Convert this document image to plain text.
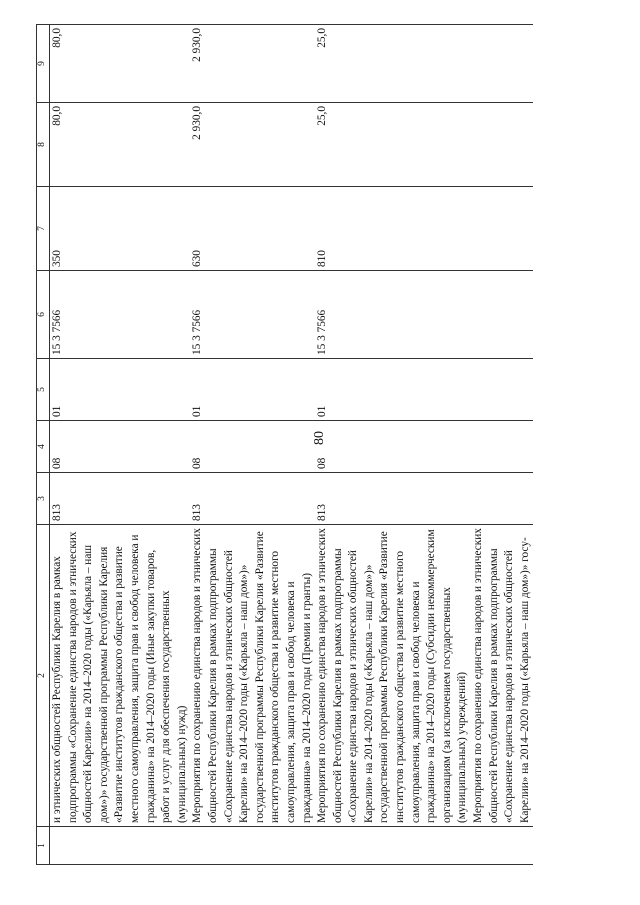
80
1	2	3	4	5	6	7	8	9
	и этнических общностей Республики Карелия в рамках подпрограммы «Сохранение единства народов и этнических общностей Карелии» на 2014–2020 годы («Карьяла – наш дом»)» государственной программы Республики Карелия «Развитие институтов гражданского общества и развитие местного самоуправления, защита прав и свобод человека и гражданина» на 2014–2020 годы (Иные закупки товаров, работ и услуг для обеспечения государственных (муниципальных) нужд)	813	08	01	15 3 7566	350	80,0	80,0
	Мероприятия по сохранению единства народов и этнических общностей Республики Карелия в рамках подпрограммы «Сохранение единства народов и этнических общностей Карелии» на 2014–2020 годы («Карьяла – наш дом»)» государственной программы Республики Карелия «Развитие институтов гражданского общества и развитие местного самоуправления, защита прав и свобод человека и гражданина» на 2014–2020 годы (Премии и гранты)	813	08	01	15 3 7566	630	2 930,0	2 930,0
	Мероприятия по сохранению единства народов и этнических общностей Республики Карелия в рамках подпрограммы «Сохранение единства народов и этнических общностей Карелии» на 2014–2020 годы («Карьяла – наш дом»)» государственной программы Республики Карелия «Развитие институтов гражданского общества и развитие местного самоуправления, защита прав и свобод человека и гражданина» на 2014–2020 годы (Субсидии некоммерческим организациям (за исключением государственных (муниципальных) учреждений)	813	08	01	15 3 7566	810	25,0	25,0
	Мероприятия по сохранению единства народов и этнических общностей Республики Карелия в рамках подпрограммы «Сохранение единства народов и этнических общностей Карелии» на 2014–2020 годы («Карьяла – наш дом»)» госу-							
